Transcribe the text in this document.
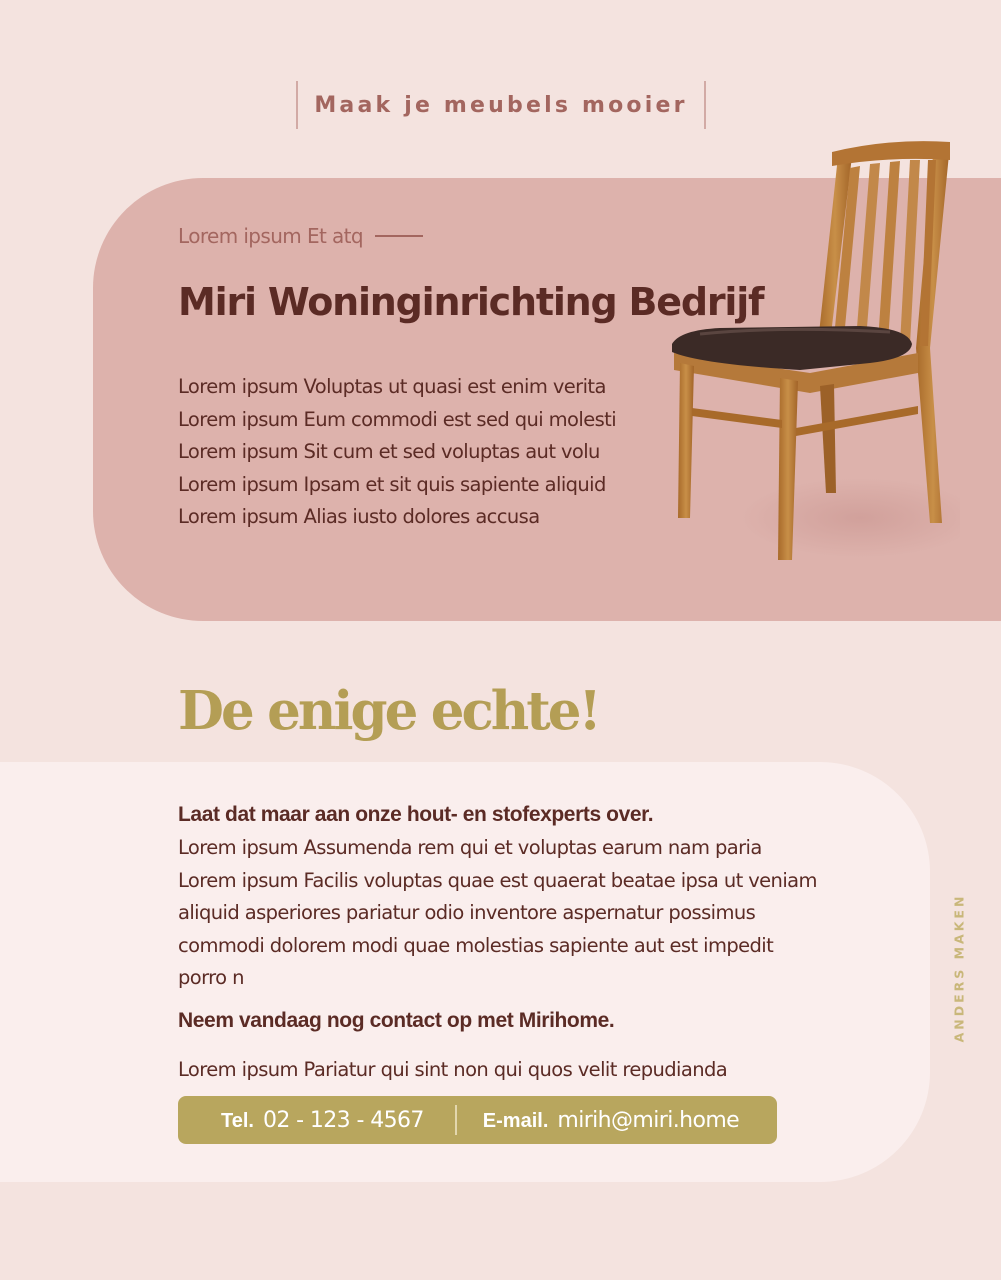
Maak je meubels mooier
Lorem ipsum Et atq
Miri Woninginrichting Bedrijf
Lorem ipsum Voluptas ut quasi est enim verita
Lorem ipsum Eum commodi est sed qui molesti
Lorem ipsum Sit cum et sed voluptas aut volu
Lorem ipsum Ipsam et sit quis sapiente aliquid
Lorem ipsum Alias iusto dolores accusa
De enige echte!
Laat dat maar aan onze hout- en stofexperts over.
Lorem ipsum Assumenda rem qui et voluptas earum nam paria
Lorem ipsum Facilis voluptas quae est quaerat beatae ipsa ut veniam
aliquid asperiores pariatur odio inventore aspernatur possimus
commodi dolorem modi quae molestias sapiente aut est impedit
porro n
Neem vandaag nog contact op met Mirihome.
Lorem ipsum Pariatur qui sint non qui quos velit repudianda
Tel. 02 - 123 - 4567	E-mail. mirih@miri.home
ANDERS MAKEN
